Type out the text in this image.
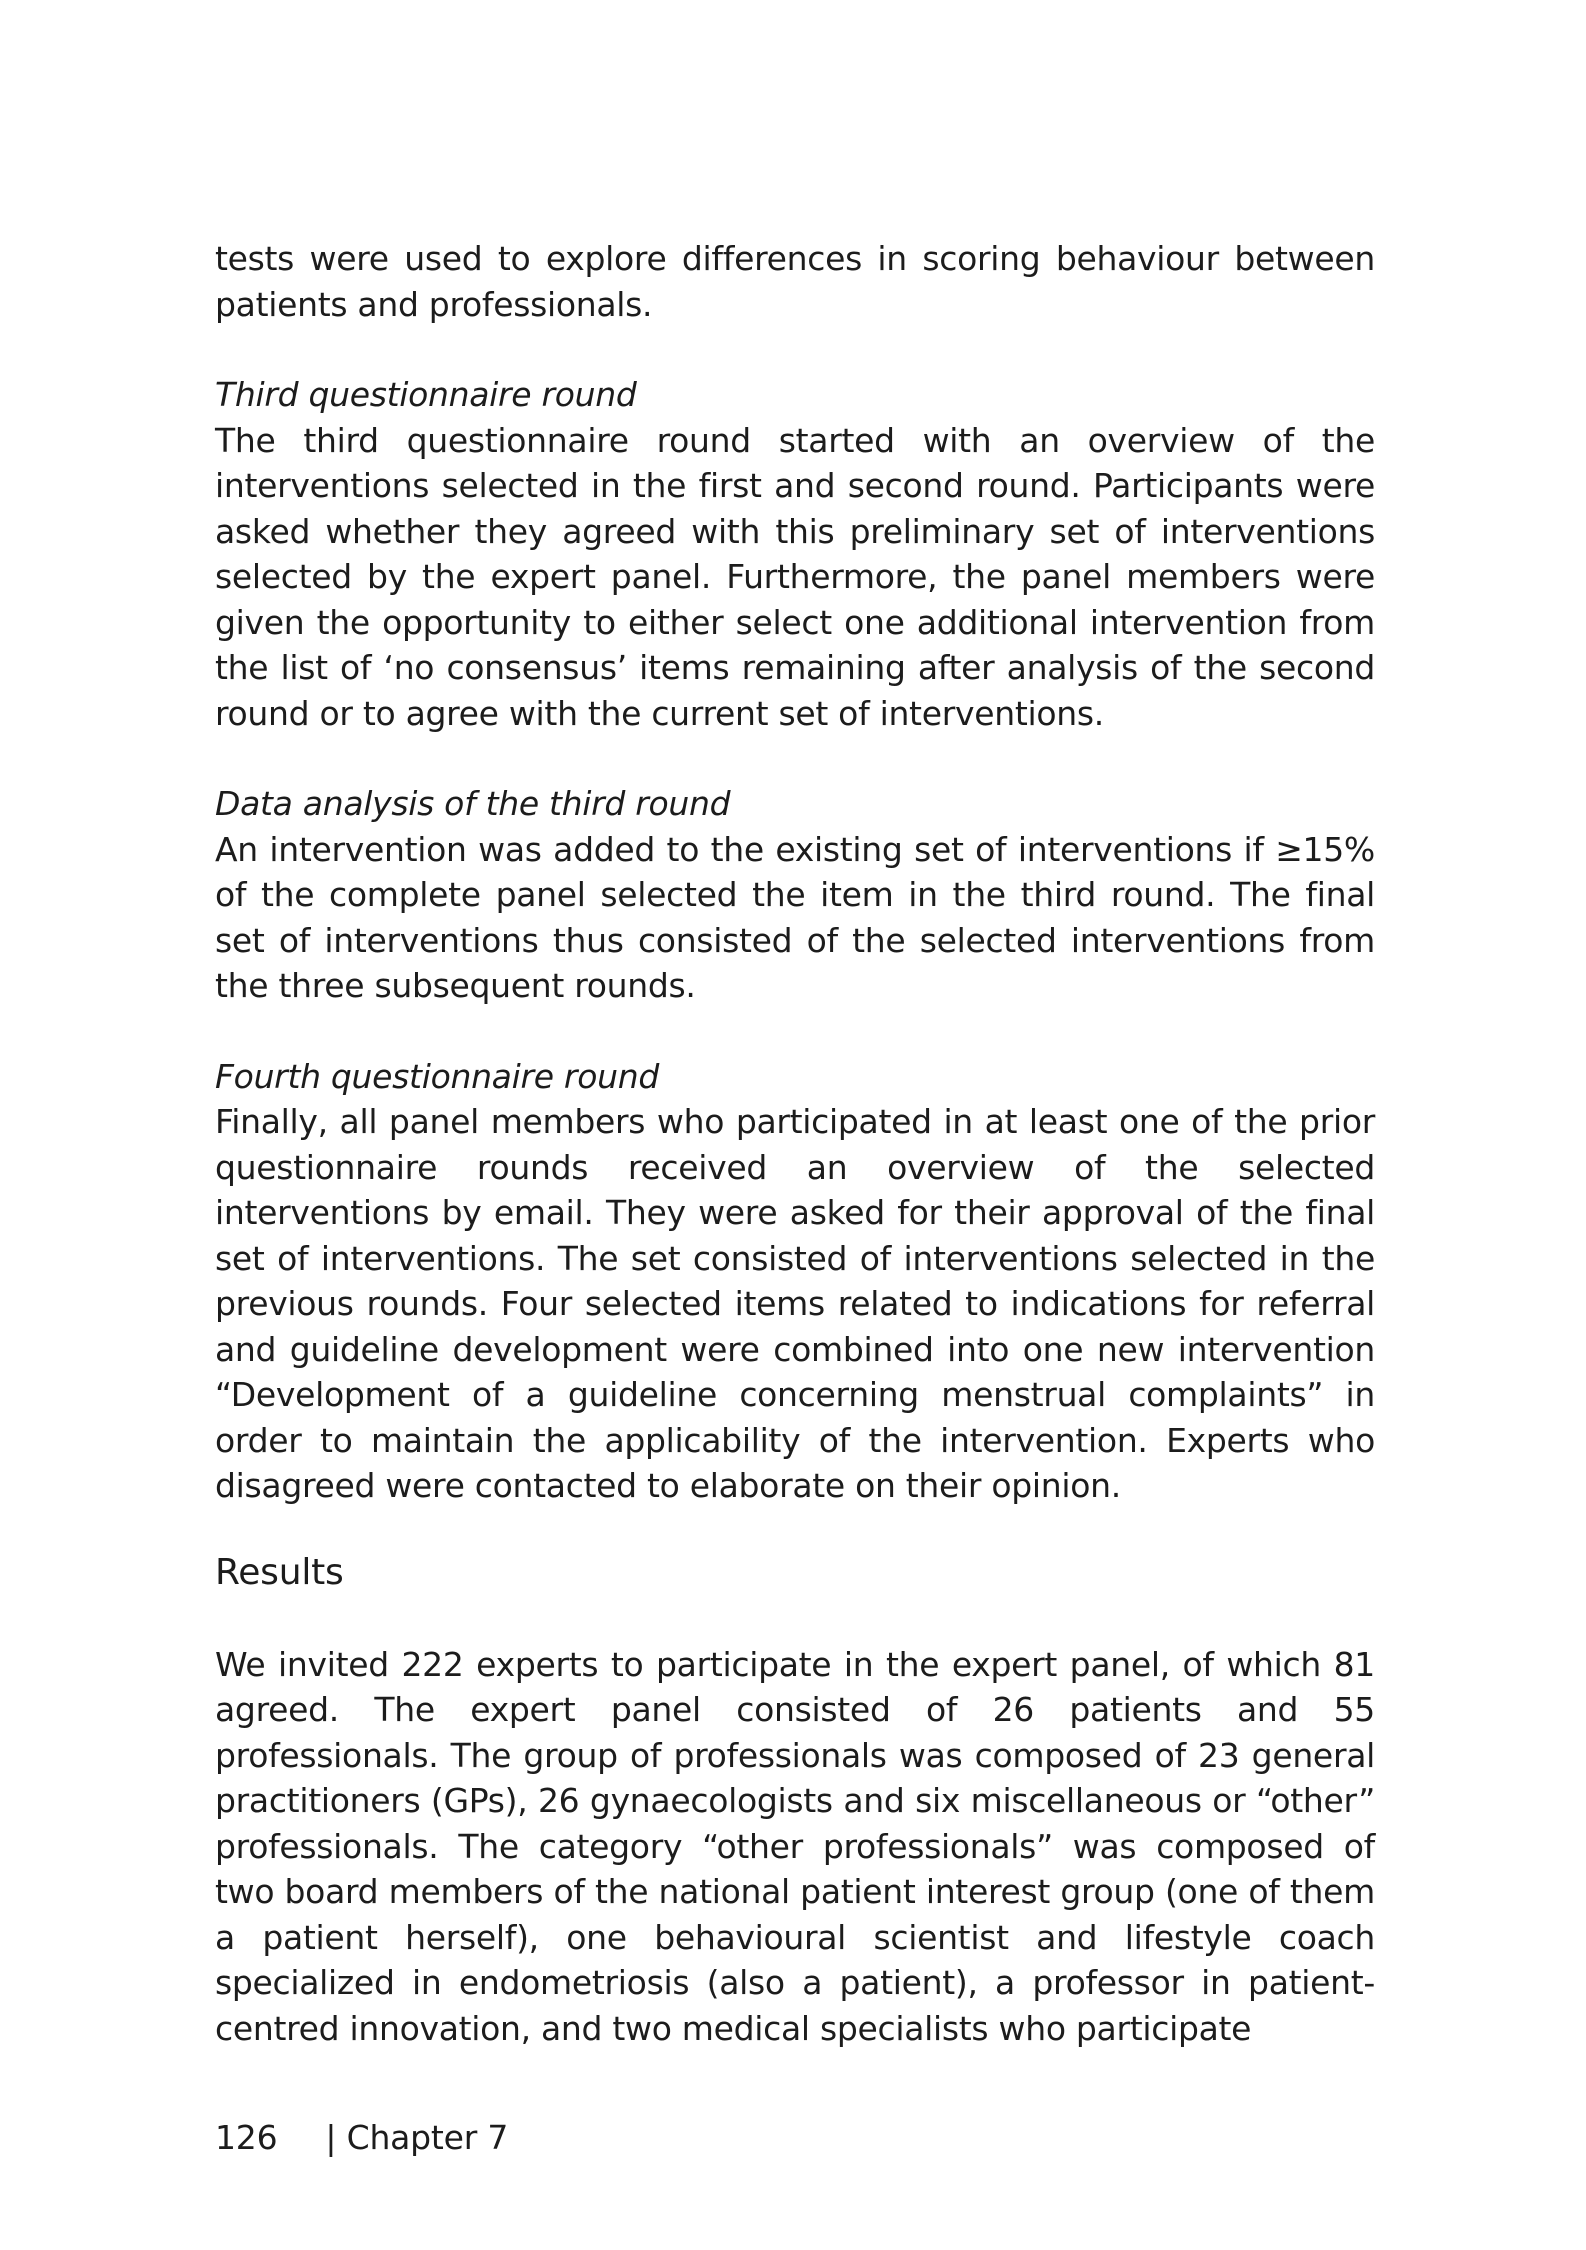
tests were used to explore differences in scoring behaviour between patients and professionals.

Third questionnaire round

The third questionnaire round started with an overview of the interventions selected in the first and second round. Participants were asked whether they agreed with this preliminary set of interventions selected by the expert panel. Furthermore, the panel members were given the opportunity to either select one additional intervention from the list of ‘no consensus’ items remaining after analysis of the second round or to agree with the current set of interventions.

Data analysis of the third round

An intervention was added to the existing set of interventions if ≥15% of the complete panel selected the item in the third round. The final set of interventions thus consisted of the selected interventions from the three subsequent rounds.

Fourth questionnaire round

Finally, all panel members who participated in at least one of the prior questionnaire rounds received an overview of the selected interventions by email. They were asked for their approval of the final set of interventions. The set consisted of interventions selected in the previous rounds. Four selected items related to indications for referral and guideline development were combined into one new intervention “Development of a guideline concerning menstrual complaints” in order to maintain the applicability of the intervention. Experts who disagreed were contacted to elaborate on their opinion.

Results

We invited 222 experts to participate in the expert panel, of which 81 agreed. The expert panel consisted of 26 patients and 55 professionals. The group of professionals was composed of 23 general practitioners (GPs), 26 gynaecologists and six miscellaneous or “other” professionals. The category “other professionals” was composed of two board members of the national patient interest group (one of them a patient herself), one behavioural scientist and lifestyle coach specialized in endometriosis (also a patient), a professor in patient-centred innovation, and two medical specialists who participate

126 | Chapter 7
